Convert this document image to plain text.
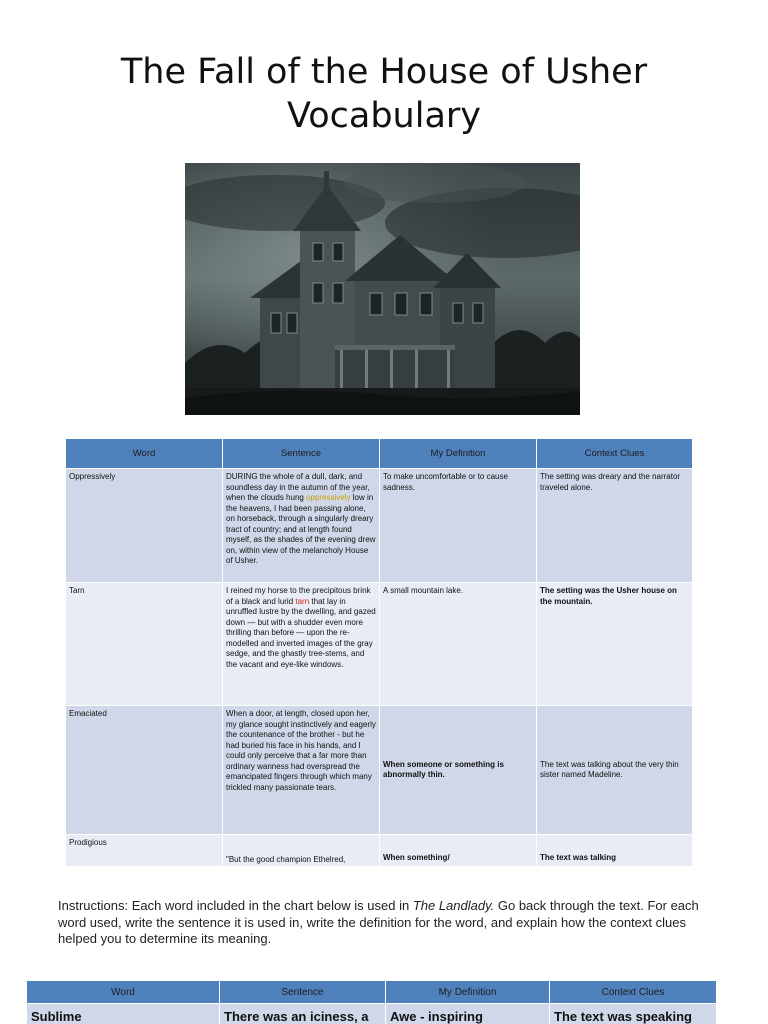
The Fall of the House of Usher
Vocabulary
Word	Sentence	My Definition	Context Clues
Oppressively	DURING the whole of a dull, dark, and soundless day in the autumn of the year, when the clouds hung oppressively low in the heavens, I had been passing alone, on horseback, through a singularly dreary tract of country; and at length found myself, as the shades of the evening drew on, within view of the melancholy House of Usher.	To make uncomfortable or to cause sadness.	The setting was dreary and the narrator traveled alone.
Tarn	I reined my horse to the precipitous brink of a black and lurid tarn that lay in unruffled lustre by the dwelling, and gazed down — but with a shudder even more thrilling than before — upon the re-modelled and inverted images of the gray sedge, and the ghastly tree-stems, and the vacant and eye-like windows.	A small mountain lake.	The setting was the Usher house on the mountain.
Emaciated	When a door, at length, closed upon her, my glance sought instinctively and eagerly the countenance of the brother - but he had buried his face in his hands, and I could only perceive that a far more than ordinary wanness had overspread the emancipated fingers through which many trickled many passionate tears.	When someone or something is abnormally thin.	The text was talking about the very thin sister named Madeline.
Prodigious	"But the good champion Ethelred,	When something/	The text was talking
Instructions: Each word included in the chart below is used in The Landlady. Go back through the text. For each word used, write the sentence it is used in, write the definition for the word, and explain how the context clues helped you to determine its meaning.
Word	Sentence	My Definition	Context Clues
Sublime	There was an iciness, a	Awe - inspiring	The text was speaking
